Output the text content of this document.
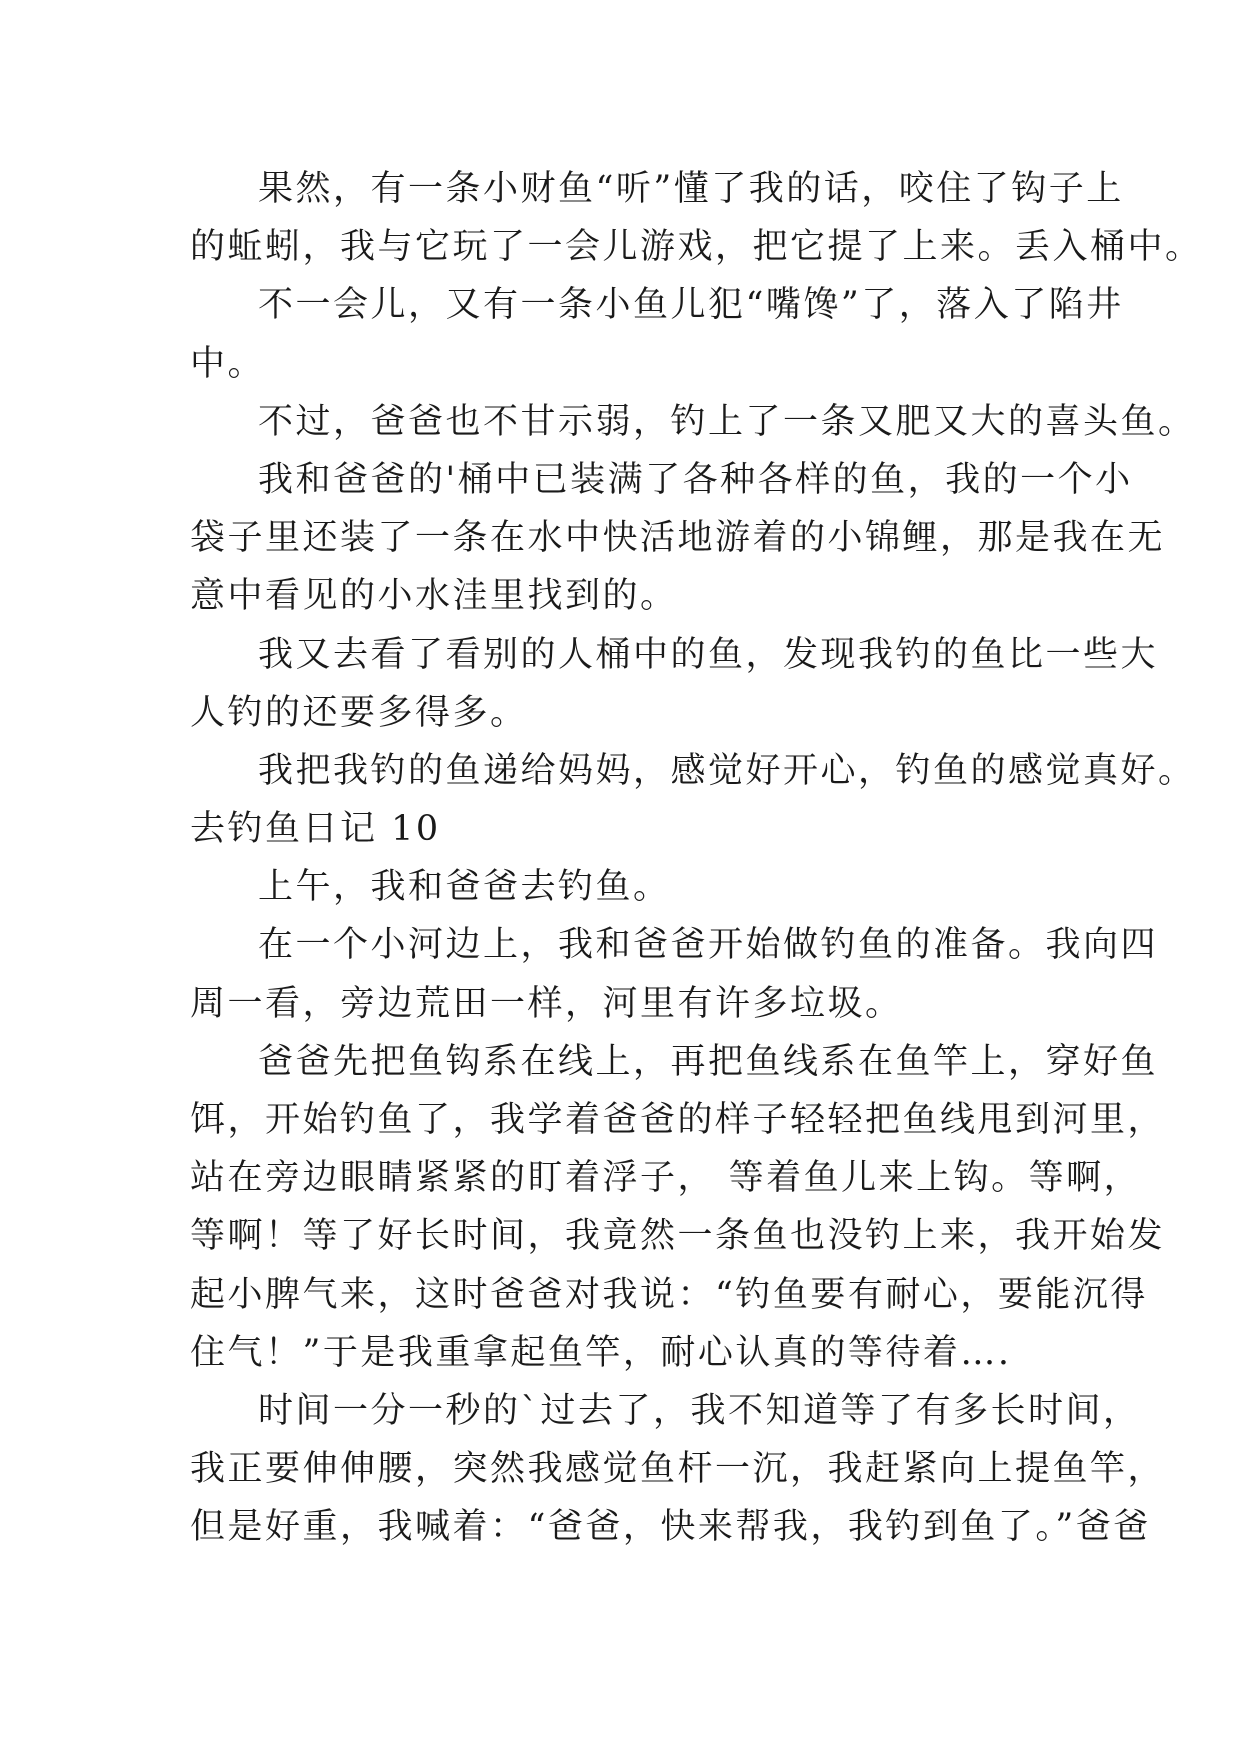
果然，有一条小财鱼“听”懂了我的话，咬住了钩子上
的蚯蚓，我与它玩了一会儿游戏，把它提了上来。丢入桶中。
不一会儿，又有一条小鱼儿犯“嘴馋”了，落入了陷井
中。
不过，爸爸也不甘示弱，钓上了一条又肥又大的喜头鱼。
我和爸爸的'桶中已装满了各种各样的鱼，我的一个小
袋子里还装了一条在水中快活地游着的小锦鲤，那是我在无
意中看见的小水洼里找到的。
我又去看了看别的人桶中的鱼，发现我钓的鱼比一些大
人钓的还要多得多。
我把我钓的鱼递给妈妈，感觉好开心，钓鱼的感觉真好。
去钓鱼日记 10
上午，我和爸爸去钓鱼。
在一个小河边上，我和爸爸开始做钓鱼的准备。我向四
周一看，旁边荒田一样，河里有许多垃圾。
爸爸先把鱼钩系在线上，再把鱼线系在鱼竿上，穿好鱼
饵，开始钓鱼了，我学着爸爸的样子轻轻把鱼线甩到河里，
站在旁边眼睛紧紧的盯着浮子， 等着鱼儿来上钩。等啊，
等啊！等了好长时间，我竟然一条鱼也没钓上来，我开始发
起小脾气来，这时爸爸对我说：“钓鱼要有耐心，要能沉得
住气！”于是我重拿起鱼竿，耐心认真的等待着….
时间一分一秒的`过去了，我不知道等了有多长时间，
我正要伸伸腰，突然我感觉鱼杆一沉，我赶紧向上提鱼竿，
但是好重，我喊着：“爸爸，快来帮我，我钓到鱼了。”爸爸
